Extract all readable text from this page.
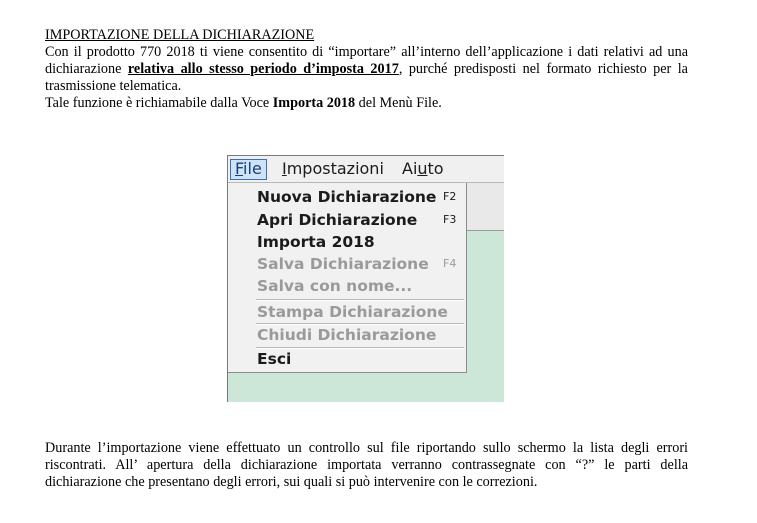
IMPORTAZIONE DELLA DICHIARAZIONE

Con il prodotto 770 2018 ti viene consentito di “importare” all’interno dell’applicazione i dati relativi ad una dichiarazione relativa allo stesso periodo d’imposta 2017, purché predisposti nel formato richiesto per la trasmissione telematica.

Tale funzione è richiamabile dalla Voce Importa 2018 del Menù File.

File	Impostazioni Aiuto
Nuova Dichiarazione F2
Apri Dichiarazione F3
Importa 2018
Salva Dichiarazione F4
Salva con nome...
Stampa Dichiarazione
Chiudi Dichiarazione
Esci

Durante l’importazione viene effettuato un controllo sul file riportando sullo schermo la lista degli errori riscontrati. All’ apertura della dichiarazione importata verranno contrassegnate con “?” le parti della dichiarazione che presentano degli errori, sui quali si può intervenire con le correzioni.
